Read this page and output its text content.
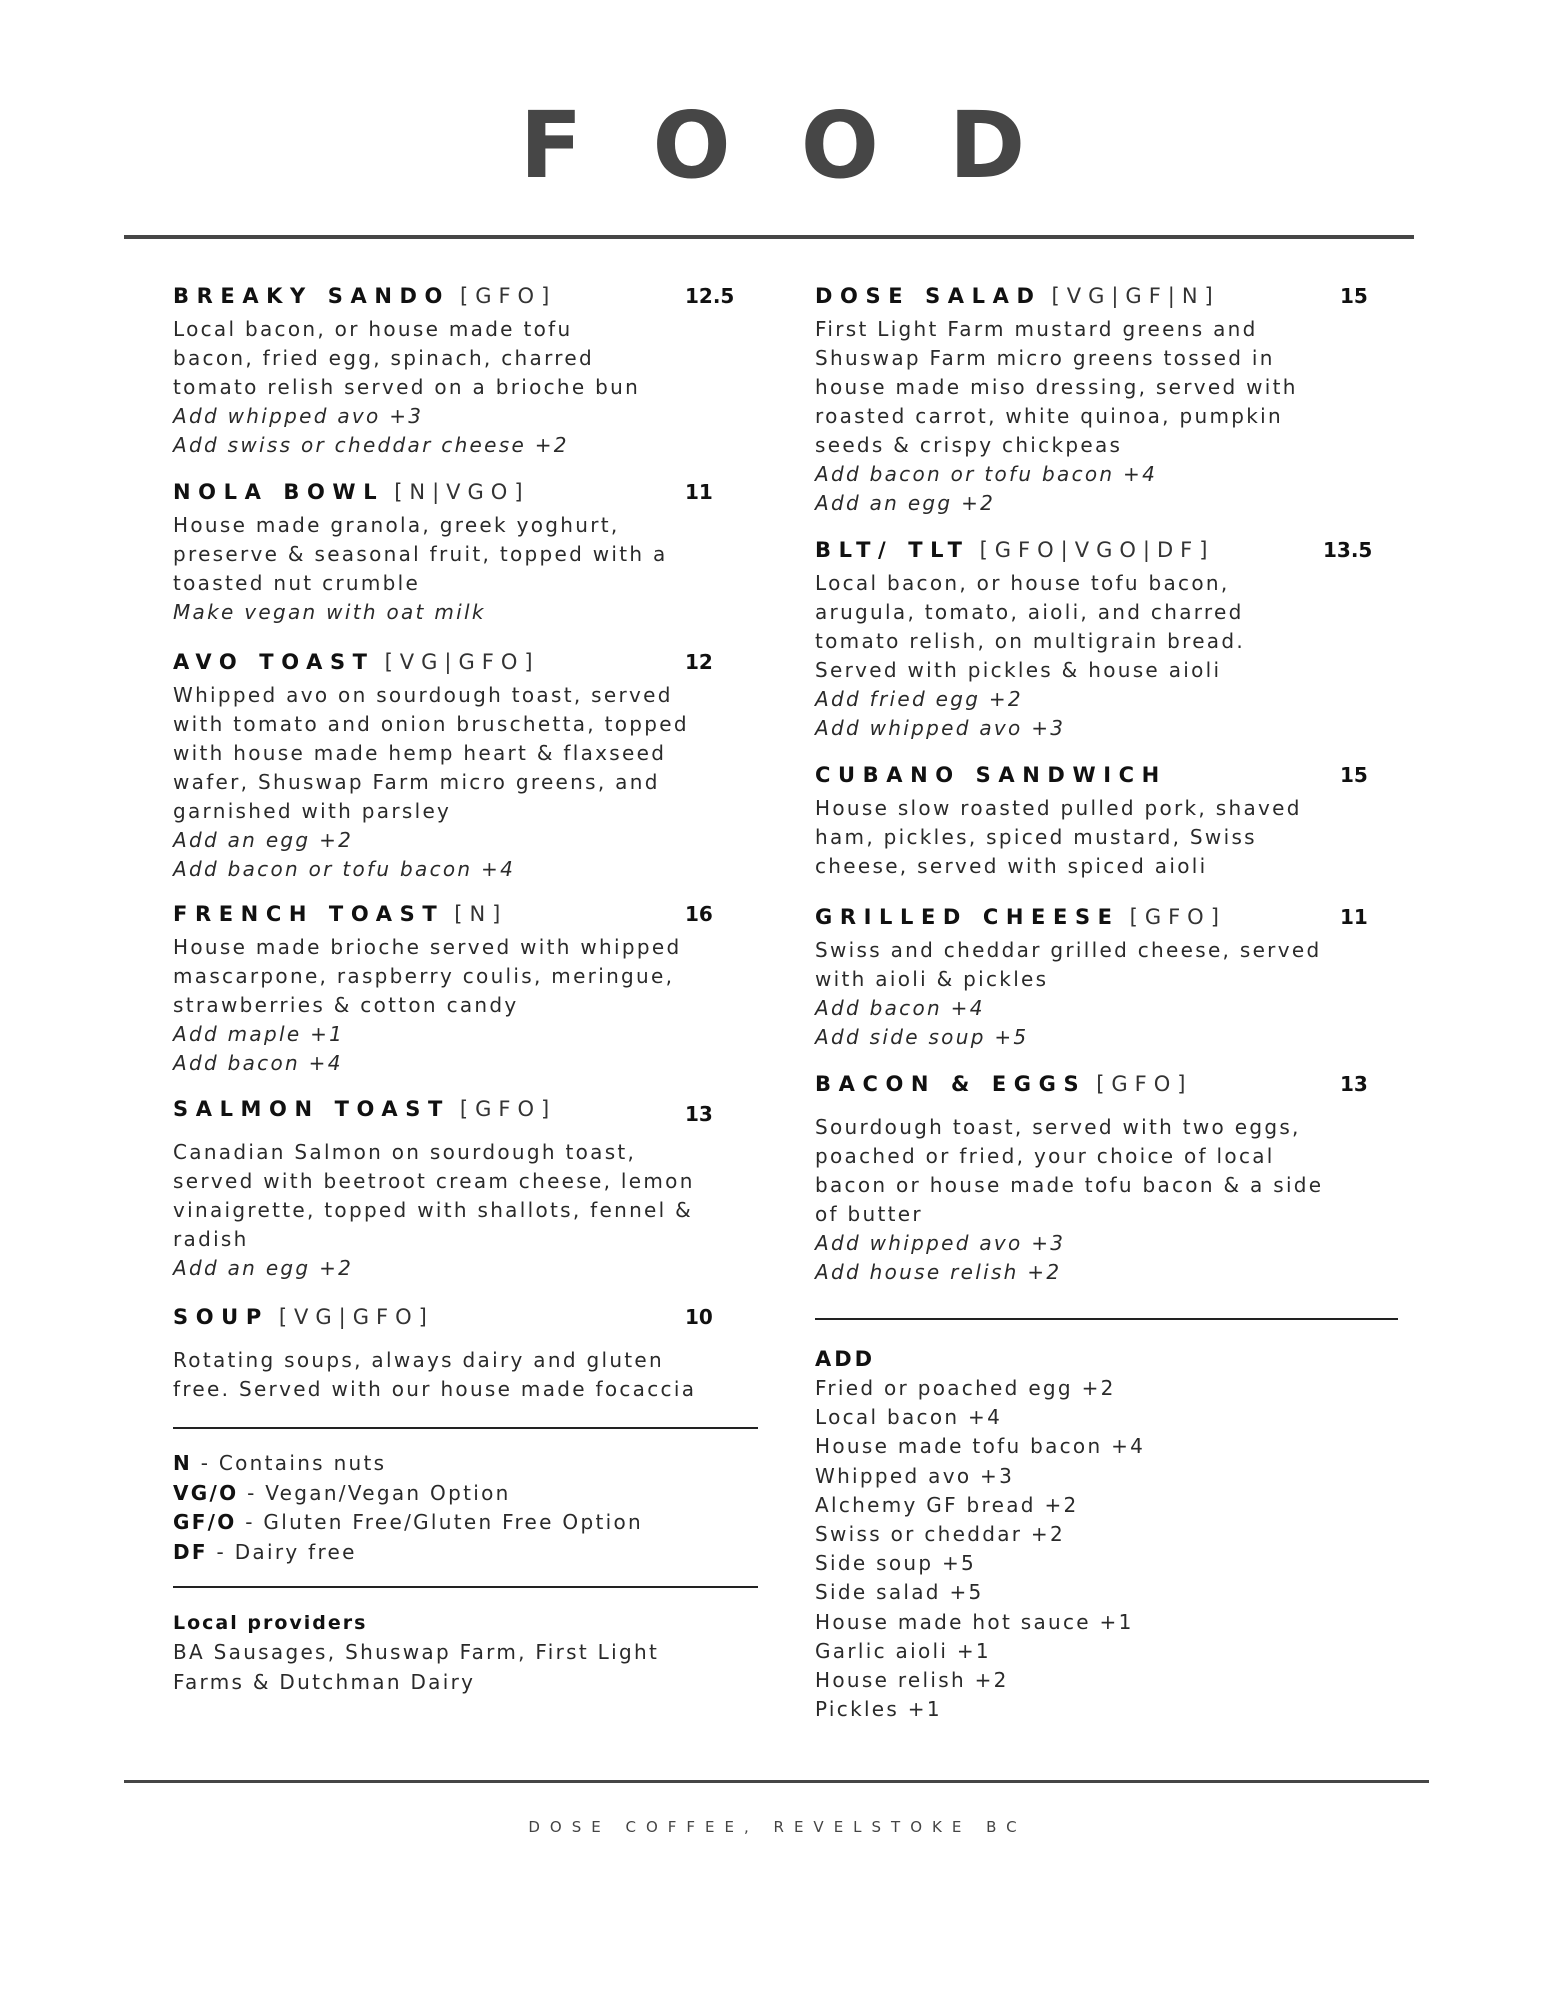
FOOD
BREAKY SANDO [GFO]	12.5
Local bacon, or house made tofu
bacon, fried egg, spinach, charred
tomato relish served on a brioche bun
Add whipped avo +3
Add swiss or cheddar cheese +2
NOLA BOWL [N|VGO]	11
House made granola, greek yoghurt,
preserve & seasonal fruit, topped with a
toasted nut crumble
Make vegan with oat milk
AVO TOAST [VG|GFO]	12
Whipped avo on sourdough toast, served
with tomato and onion bruschetta, topped
with house made hemp heart & flaxseed
wafer, Shuswap Farm micro greens, and
garnished with parsley
Add an egg +2
Add bacon or tofu bacon +4
FRENCH TOAST [N]	16
House made brioche served with whipped
mascarpone, raspberry coulis, meringue,
strawberries & cotton candy
Add maple +1
Add bacon +4
SALMON TOAST [GFO]	13
Canadian Salmon on sourdough toast,
served with beetroot cream cheese, lemon
vinaigrette, topped with shallots, fennel &
radish
Add an egg +2
SOUP [VG|GFO]	10
Rotating soups, always dairy and gluten
free. Served with our house made focaccia
DOSE SALAD [VG|GF|N]	15
First Light Farm mustard greens and
Shuswap Farm micro greens tossed in
house made miso dressing, served with
roasted carrot, white quinoa, pumpkin
seeds & crispy chickpeas
Add bacon or tofu bacon +4
Add an egg +2
BLT/ TLT [GFO|VGO|DF]	13.5
Local bacon, or house tofu bacon,
arugula, tomato, aioli, and charred
tomato relish, on multigrain bread.
Served with pickles & house aioli
Add fried egg +2
Add whipped avo +3
CUBANO SANDWICH	15
House slow roasted pulled pork, shaved
ham, pickles, spiced mustard, Swiss
cheese, served with spiced aioli
GRILLED CHEESE [GFO]	11
Swiss and cheddar grilled cheese, served
with aioli & pickles
Add bacon +4
Add side soup +5
BACON & EGGS [GFO]	13
Sourdough toast, served with two eggs,
poached or fried, your choice of local
bacon or house made tofu bacon & a side
of butter
Add whipped avo +3
Add house relish +2
N - Contains nuts
VG/O - Vegan/Vegan Option
GF/O - Gluten Free/Gluten Free Option
DF - Dairy free
Local providers
BA Sausages, Shuswap Farm, First Light
Farms & Dutchman Dairy
ADD
Fried or poached egg +2
Local bacon +4
House made tofu bacon +4
Whipped avo +3
Alchemy GF bread +2
Swiss or cheddar +2
Side soup +5
Side salad +5
House made hot sauce +1
Garlic aioli +1
House relish +2
Pickles +1
DOSE COFFEE, REVELSTOKE BC
